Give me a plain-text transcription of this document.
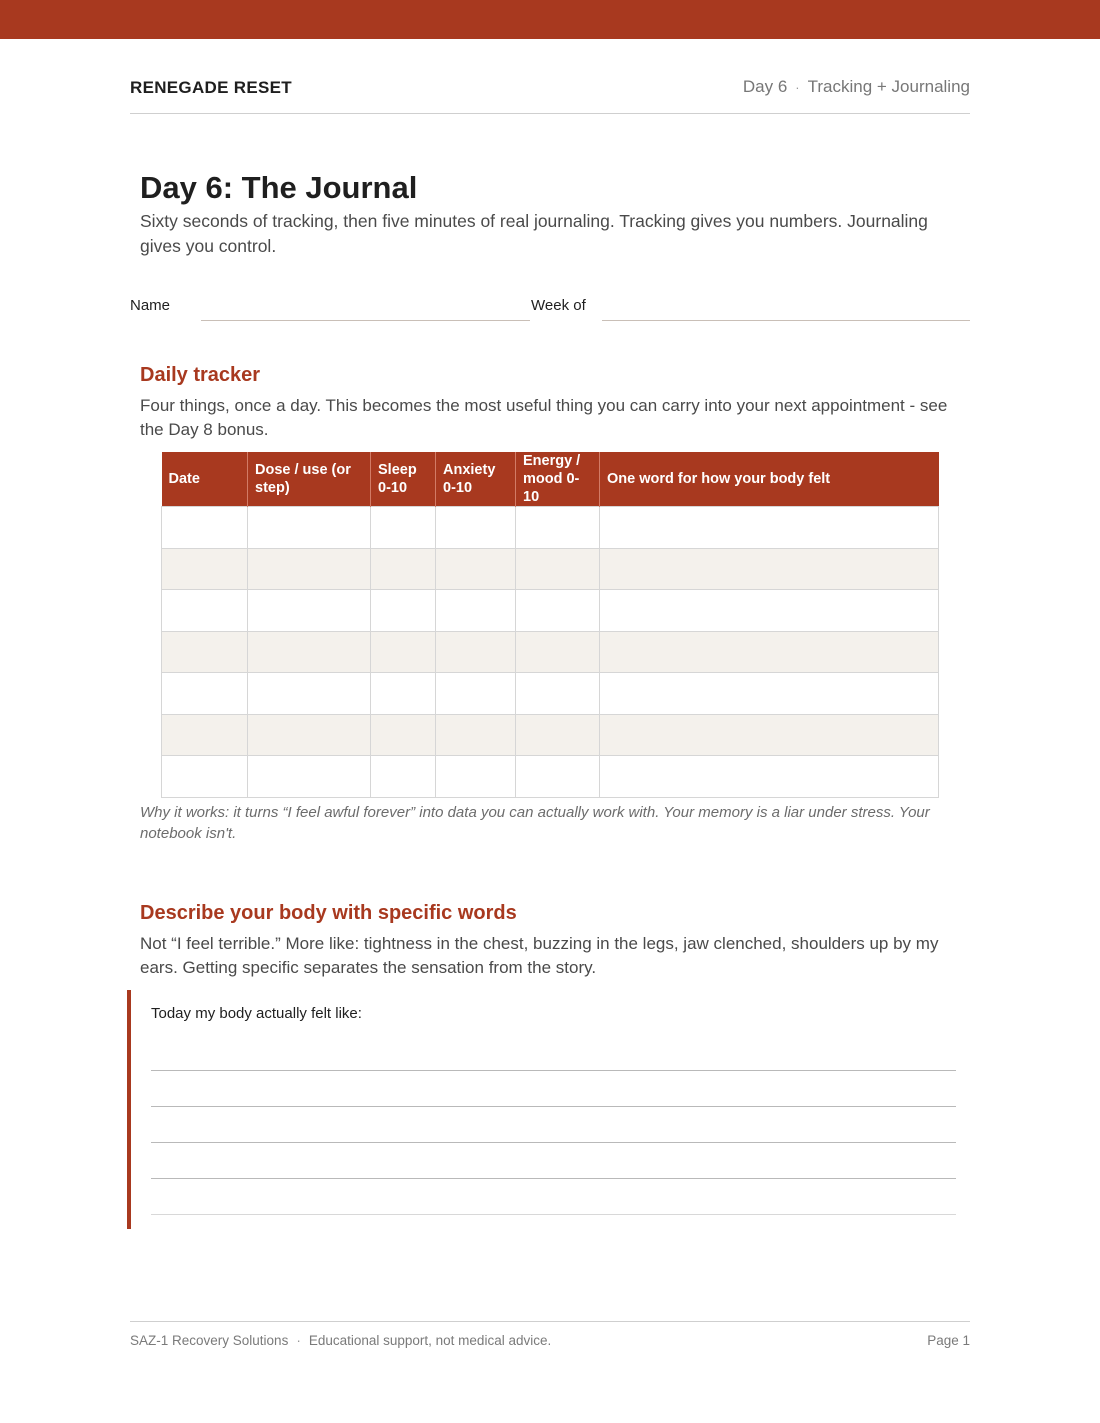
RENEGADE RESET	Day 6 · Tracking + Journaling
Day 6: The Journal

Sixty seconds of tracking, then five minutes of real journaling. Tracking gives you numbers. Journaling gives you control.

Name	Week of
Daily tracker

Four things, once a day. This becomes the most useful thing you can carry into your next appointment - see the Day 8 bonus.

Date	Dose / use (or step)	Sleep 0-10	Anxiety 0-10	Energy / mood 0-10	One word for how your body felt

Why it works: it turns “I feel awful forever” into data you can actually work with. Your memory is a liar under stress. Your notebook isn't.

Describe your body with specific words

Not “I feel terrible.” More like: tightness in the chest, buzzing in the legs, jaw clenched, shoulders up by my ears. Getting specific separates the sensation from the story.

Today my body actually felt like:
SAZ-1 Recovery Solutions · Educational support, not medical advice.	Page 1
